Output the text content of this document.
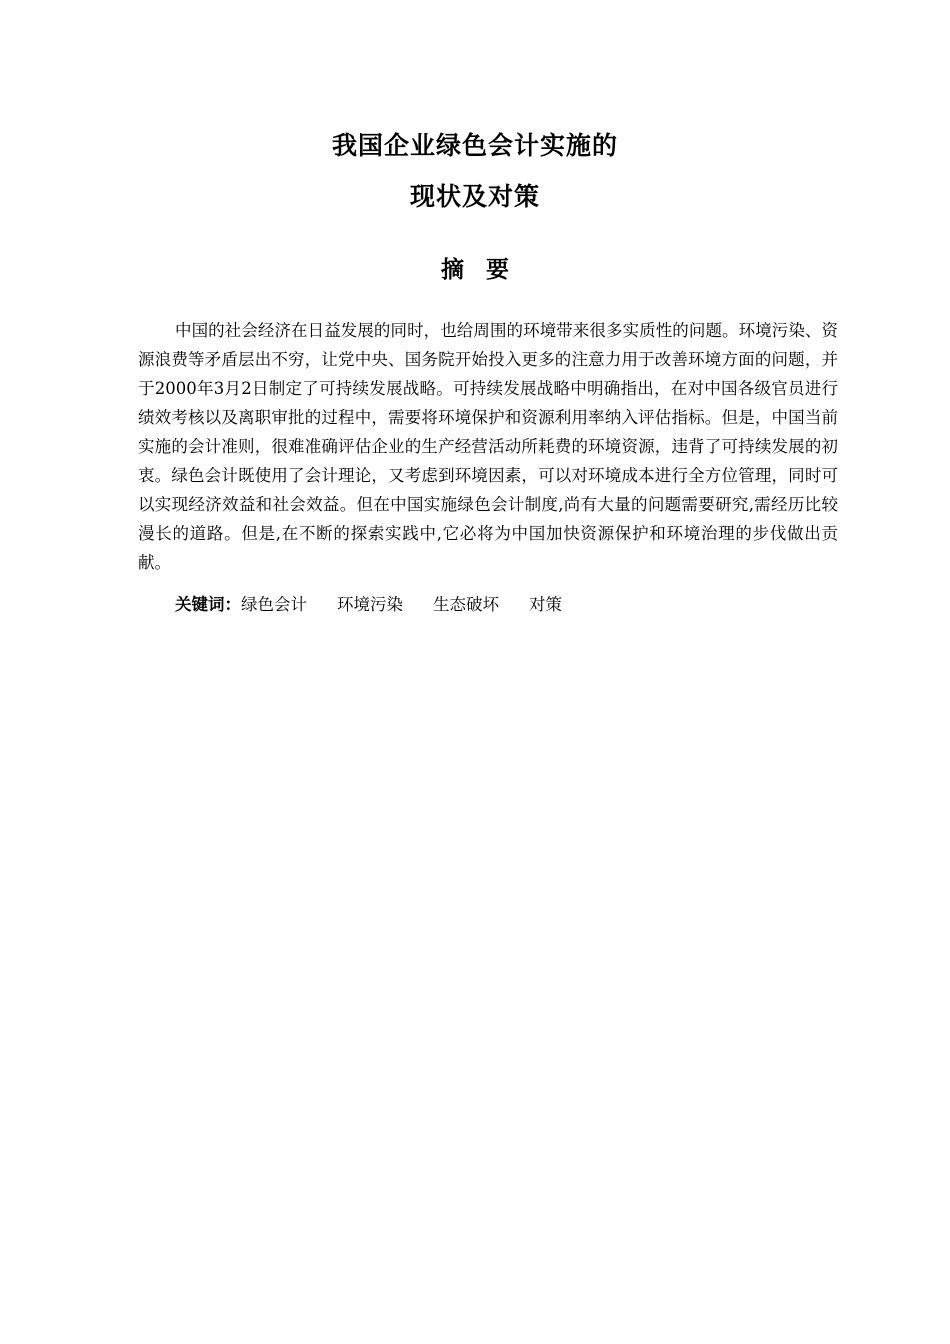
我国企业绿色会计实施的
现状及对策
摘要

中国的社会经济在日益发展的同时，也给周围的环境带来很多实质性的问题。环境污染、资源浪费等矛盾层出不穷，让党中央、国务院开始投入更多的注意力用于改善环境方面的问题，并于2000年3月2日制定了可持续发展战略。可持续发展战略中明确指出，在对中国各级官员进行绩效考核以及离职审批的过程中，需要将环境保护和资源利用率纳入评估指标。但是，中国当前实施的会计准则，很难准确评估企业的生产经营活动所耗费的环境资源，违背了可持续发展的初衷。绿色会计既使用了会计理论，又考虑到环境因素，可以对环境成本进行全方位管理，同时可以实现经济效益和社会效益。但在中国实施绿色会计制度,尚有大量的问题需要研究,需经历比较漫长的道路。但是,在不断的探索实践中,它必将为中国加快资源保护和环境治理的步伐做出贡献。

关键词：绿色会计 环境污染 生态破坏 对策
